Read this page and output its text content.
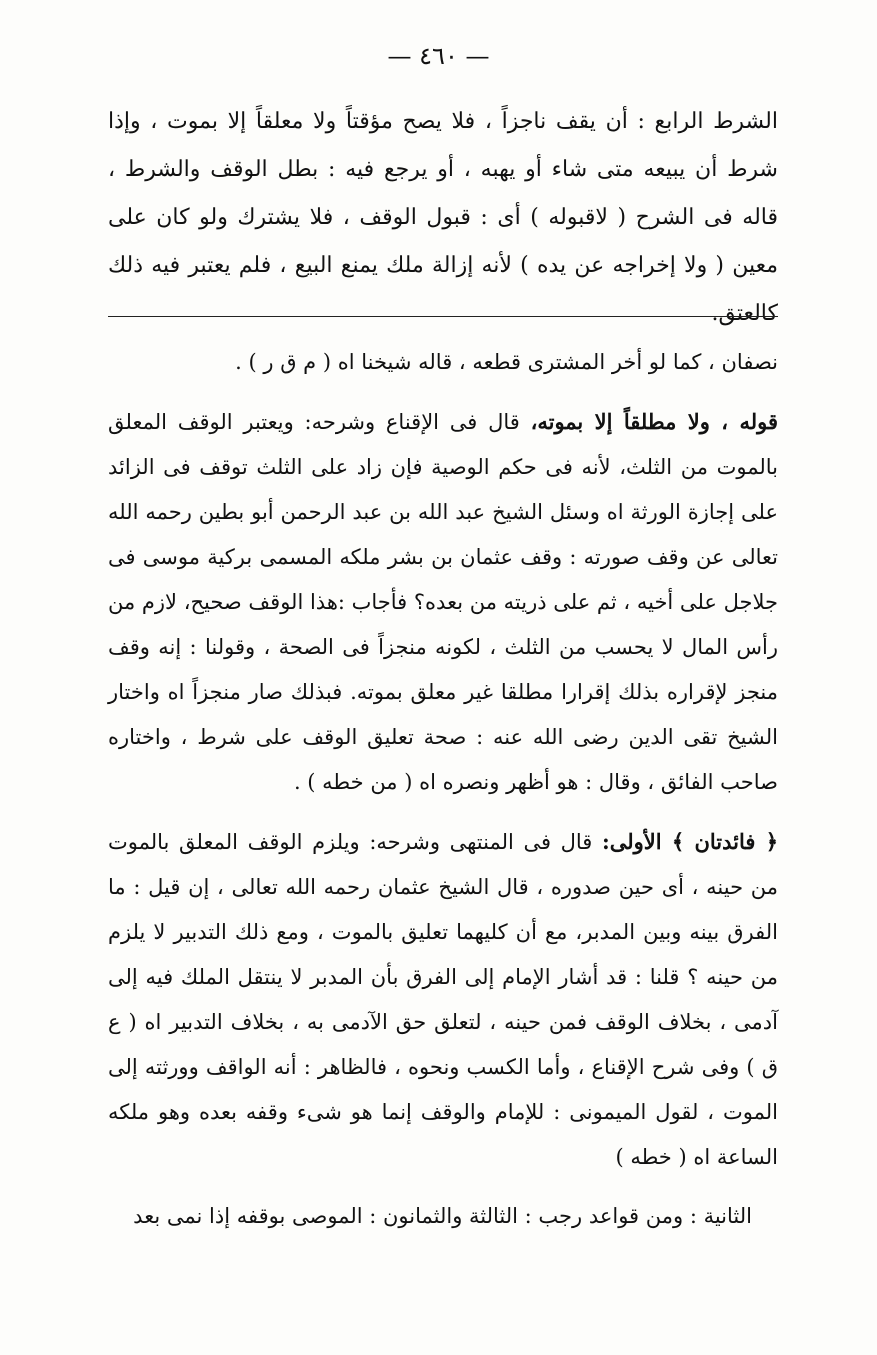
— ٤٦٠ —

الشرط الرابع : أن يقف ناجزاً ، فلا يصح مؤقتاً ولا معلقاً إلا بموت ، وإذا شرط أن يبيعه متى شاء أو يهبه ، أو يرجع فيه : بطل الوقف والشرط ، قاله فى الشرح ( لاقبوله ) أى : قبول الوقف ، فلا يشترك ولو كان على معين ( ولا إخراجه عن يده ) لأنه إزالة ملك يمنع البيع ، فلم يعتبر فيه ذلك كالعتق.

نصفان ، كما لو أخر المشترى قطعه ، قاله شيخنا اه ( م ق ر ) .

قوله ، ولا مطلقاً إلا بموته، قال فى الإقناع وشرحه: ويعتبر الوقف المعلق بالموت من الثلث، لأنه فى حكم الوصية فإن زاد على الثلث توقف فى الزائد على إجازة الورثة اه وسئل الشيخ عبد الله بن عبد الرحمن أبو بطين رحمه الله تعالى عن وقف صورته : وقف عثمان بن بشر ملكه المسمى بركية موسى فى جلاجل على أخيه ، ثم على ذريته من بعده؟ فأجاب :هذا الوقف صحيح، لازم من رأس المال لا يحسب من الثلث ، لكونه منجزاً فى الصحة ، وقولنا : إنه وقف منجز لإقراره بذلك إقرارا مطلقا غير معلق بموته. فبذلك صار منجزاً اه واختار الشيخ تقى الدين رضى الله عنه : صحة تعليق الوقف على شرط ، واختاره صاحب الفائق ، وقال : هو أظهر ونصره اه ( من خطه ) .

﴿ فائدتان ﴾ الأولى: قال فى المنتهى وشرحه: ويلزم الوقف المعلق بالموت من حينه ، أى حين صدوره ، قال الشيخ عثمان رحمه الله تعالى ، إن قيل : ما الفرق بينه وبين المدبر، مع أن كليهما تعليق بالموت ، ومع ذلك التدبير لا يلزم من حينه ؟ قلنا : قد أشار الإمام إلى الفرق بأن المدبر لا ينتقل الملك فيه إلى آدمى ، بخلاف الوقف فمن حينه ، لتعلق حق الآدمى به ، بخلاف التدبير اه ( ع ق ) وفى شرح الإقناع ، وأما الكسب ونحوه ، فالظاهر : أنه الواقف وورثته إلى الموت ، لقول الميمونى : للإمام والوقف إنما هو شىء وقفه بعده وهو ملكه الساعة اه ( خطه )

الثانية : ومن قواعد رجب : الثالثة والثمانون : الموصى بوقفه إذا نمى بعد
